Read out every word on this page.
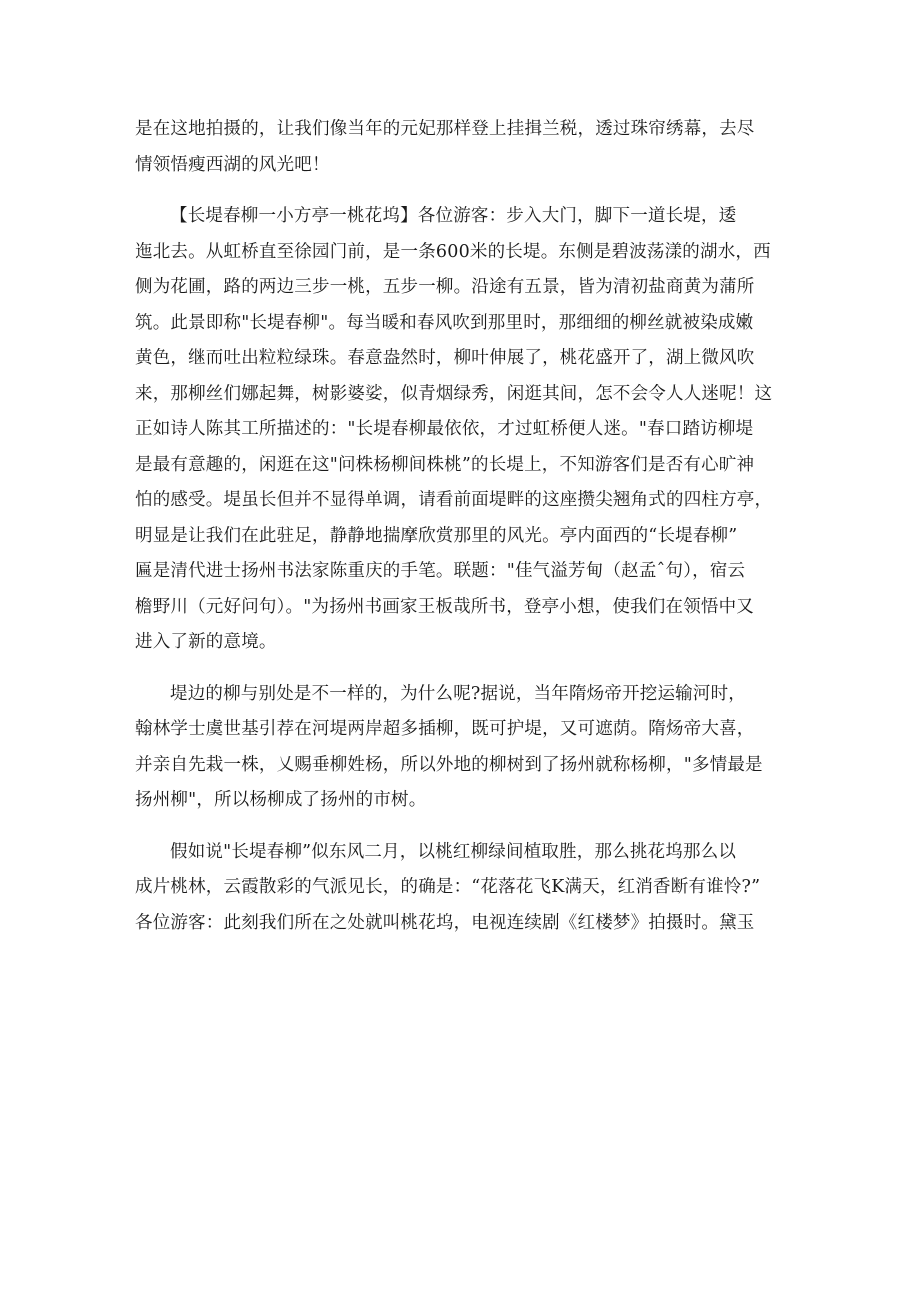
是在这地拍摄的，让我们像当年的元妃那样登上挂揖兰税，透过珠帘绣幕，去尽
情领悟瘦西湖的风光吧！
【长堤春柳一小方亭一桃花坞】各位游客：步入大门，脚下一道长堤，逶
迤北去。从虹桥直至徐园门前，是一条600米的长堤。东侧是碧波荡漾的湖水，西
侧为花圃，路的两边三步一桃，五步一柳。沿途有五景，皆为清初盐商黄为蒲所
筑。此景即称"长堤春柳"。每当暖和春风吹到那里时，那细细的柳丝就被染成嫩
黄色，继而吐出粒粒绿珠。春意盎然时，柳叶伸展了，桃花盛开了，湖上微风吹
来，那柳丝们娜起舞，树影婆娑，似青烟绿秀，闲逛其间，怎不会令人人迷呢！这
正如诗人陈其工所描述的："长堤春柳最依依，才过虹桥便人迷。"春口踏访柳堤
是最有意趣的，闲逛在这"问株杨柳间株桃”的长堤上，不知游客们是否有心旷神
怕的感受。堤虽长但并不显得单调，请看前面堤畔的这座攒尖翘角式的四柱方亭，
明显是让我们在此驻足，静静地揣摩欣赏那里的风光。亭内面西的“长堤春柳”
匾是清代进士扬州书法家陈重庆的手笔。联题："佳气溢芳甸（赵孟ˆ句），宿云
檐野川（元好问句）。"为扬州书画家王板哉所书，登亭小想，使我们在领悟中又
进入了新的意境。
堤边的柳与别处是不一样的，为什么呢?据说，当年隋炀帝开挖运输河时，
翰林学士虞世基引荐在河堤两岸超多插柳，既可护堤，又可遮荫。隋炀帝大喜，
并亲自先栽一株，乂赐垂柳姓杨，所以外地的柳树到了扬州就称杨柳，"多情最是
扬州柳"，所以杨柳成了扬州的市树。
假如说"长堤春柳”似东风二月，以桃红柳绿间植取胜，那么挑花坞那么以
成片桃林，云霞散彩的气派见长，的确是：“花落花飞K满天，红消香断有谁怜?”
各位游客：此刻我们所在之处就叫桃花坞，电视连续剧《红楼梦》拍摄时。黛玉
